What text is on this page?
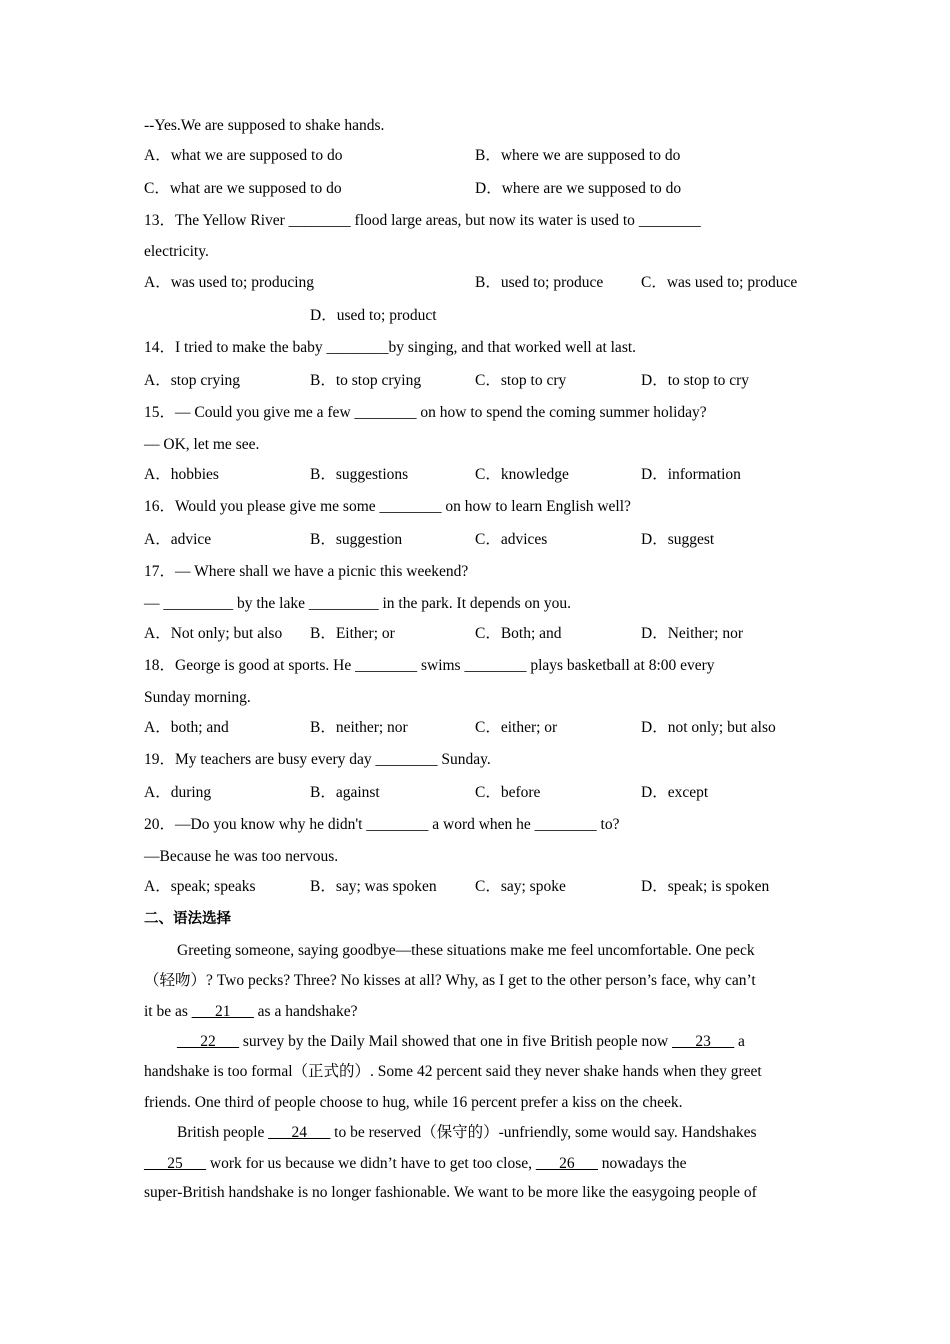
--Yes.We are supposed to shake hands.
A．what we are supposed to do	B．where we are supposed to do
C．what are we supposed to do	D．where are we supposed to do
13．The Yellow River ________ flood large areas, but now its water is used to ________
electricity.
A．was used to; producing	B．used to; produce C．was used to; produce
D．used to; product
14．I tried to make the baby ________by singing, and that worked well at last.
A．stop crying	B．to stop crying	C．stop to cry	D．to stop to cry
15．— Could you give me a few ________ on how to spend the coming summer holiday?
— OK, let me see.
A．hobbies	B．suggestions	C．knowledge	D．information
16．Would you please give me some ________ on how to learn English well?
A．advice	B．suggestion	C．advices	D．suggest
17．— Where shall we have a picnic this weekend?
— _________ by the lake _________ in the park. It depends on you.
A．Not only; but also B．Either; or	C．Both; and	D．Neither; nor
18．George is good at sports. He ________ swims ________ plays basketball at 8:00 every
Sunday morning.
A．both; and	B．neither; nor	C．either; or	D．not only; but also
19．My teachers are busy every day ________ Sunday.
A．during	B．against	C．before	D．except
20．—Do you know why he didn't ________ a word when he ________ to?
—Because he was too nervous.
A．speak; speaks	B．say; was spoken C．say; spoke	D．speak; is spoken
二、语法选择
Greeting someone, saying goodbye—these situations make me feel uncomfortable. One peck
（轻吻）? Two pecks? Three? No kisses at all? Why, as I get to the other person’s face, why can’t
it be as ___21___ as a handshake?
___22___ survey by the Daily Mail showed that one in five British people now ___23___ a
handshake is too formal（正式的）. Some 42 percent said they never shake hands when they greet
friends. One third of people choose to hug, while 16 percent prefer a kiss on the cheek.
British people ___24___ to be reserved（保守的）-unfriendly, some would say. Handshakes
___25___ work for us because we didn’t have to get too close, ___26___ nowadays the
super-British handshake is no longer fashionable. We want to be more like the easygoing people of
